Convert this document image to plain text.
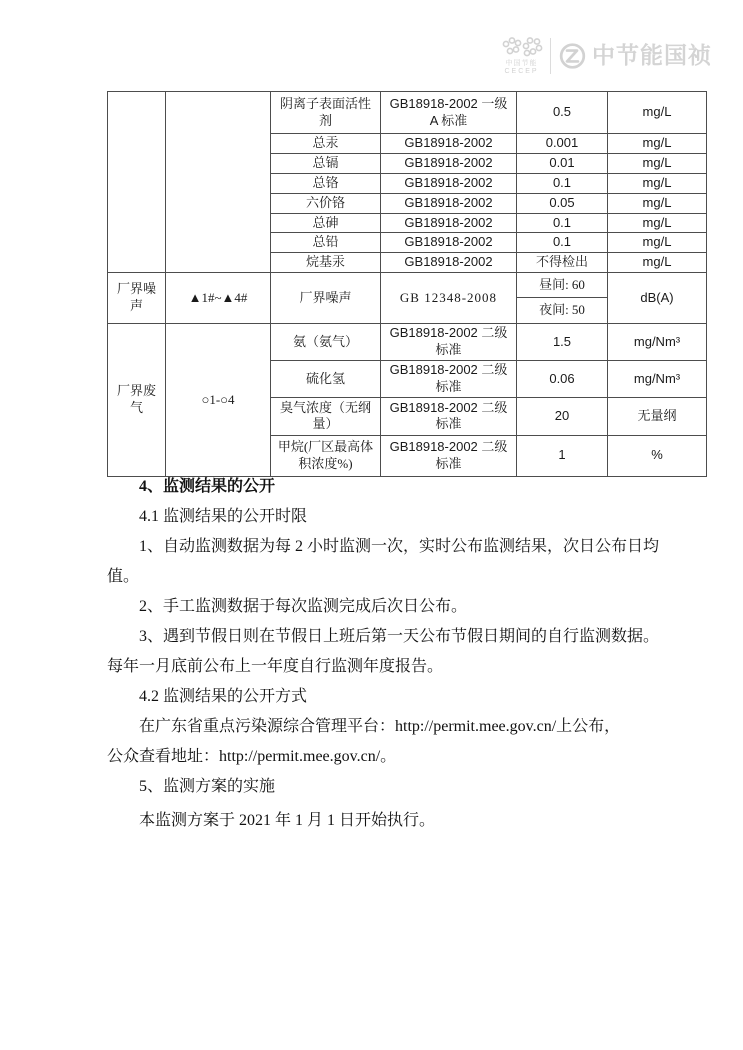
中国节能
CECEP
中节能国祯
		阴离子表面活性剂	GB18918-2002 一级 A 标准	0.5	mg/L
		总汞	GB18918-2002	0.001	mg/L
		总镉	GB18918-2002	0.01	mg/L
		总铬	GB18918-2002	0.1	mg/L
		六价铬	GB18918-2002	0.05	mg/L
		总砷	GB18918-2002	0.1	mg/L
		总铅	GB18918-2002	0.1	mg/L
		烷基汞	GB18918-2002	不得检出	mg/L
厂界噪声	▲1#~▲4#	厂界噪声	GB 12348-2008	昼间: 60	dB(A)
				夜间: 50	
厂界废气	○1-○4	氨（氨气）	GB18918-2002 二级标准	1.5	mg/Nm³
		硫化氢	GB18918-2002 二级标准	0.06	mg/Nm³
		臭气浓度（无纲量）	GB18918-2002 二级标准	20	无量纲
		甲烷(厂区最高体积浓度%)	GB18918-2002 二级标准	1	%
4、监测结果的公开
4.1 监测结果的公开时限
1、自动监测数据为每 2 小时监测一次，实时公布监测结果，次日公布日均
值。
2、手工监测数据于每次监测完成后次日公布。
3、遇到节假日则在节假日上班后第一天公布节假日期间的自行监测数据。
每年一月底前公布上一年度自行监测年度报告。
4.2 监测结果的公开方式
在广东省重点污染源综合管理平台：http://permit.mee.gov.cn/上公布，
公众查看地址：http://permit.mee.gov.cn/。
5、监测方案的实施
本监测方案于 2021 年 1 月 1 日开始执行。
